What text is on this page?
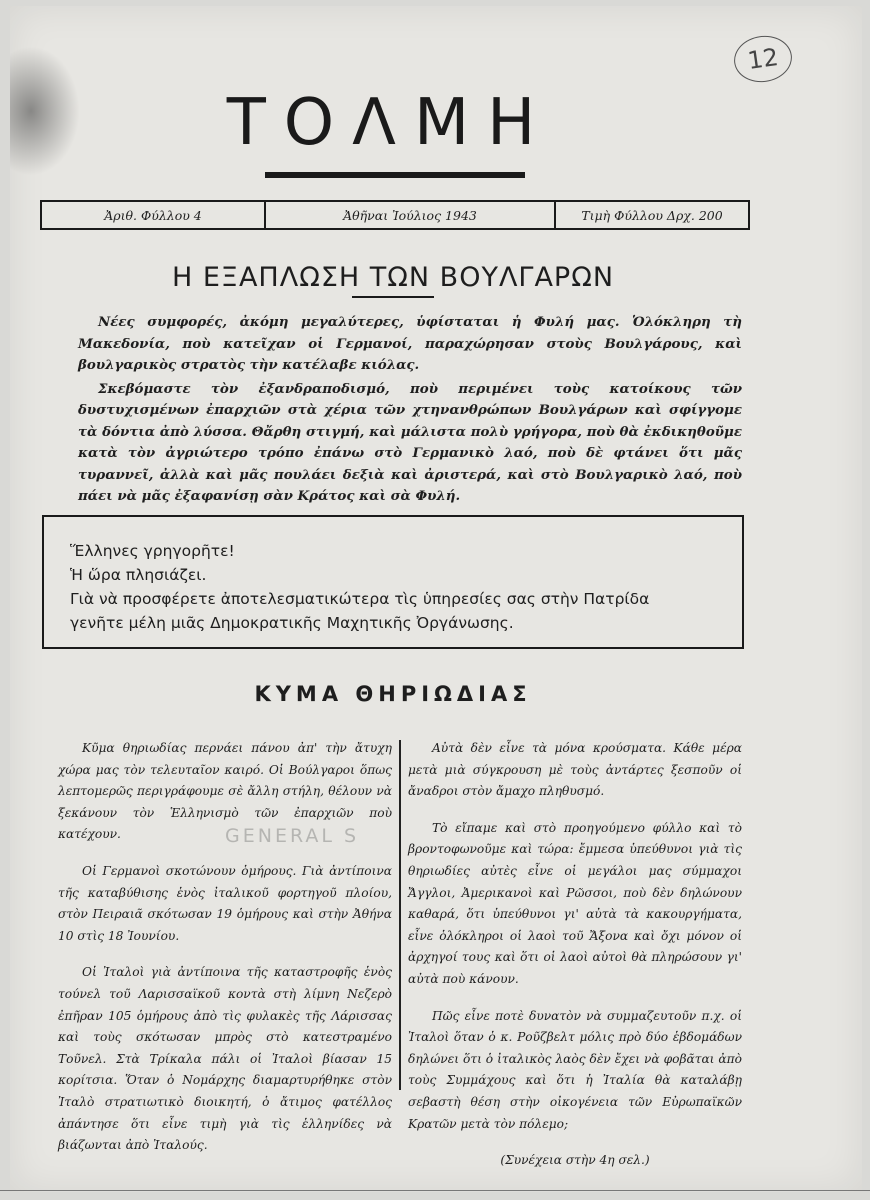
12
ΤΟΛΜΗ
Ἀριθ. Φύλλου 4	Ἀθῆναι Ἰούλιος 1943	Τιμὴ Φύλλου Δρχ. 200
Η ΕΞΑΠΛΩΣΗ ΤΩΝ ΒΟΥΛΓΑΡΩΝ

Νέες συμφορές, ἀκόμη μεγαλύτερες, ὑφίσταται ἡ Φυλή μας. Ὁλόκληρη τὴ Μακεδονία, ποὺ κατεῖχαν οἱ Γερμανοί, παραχώρησαν στοὺς Βουλγάρους, καὶ βουλγαρικὸς στρατὸς τὴν κατέλαβε κιόλας.

Σκεβόμαστε τὸν ἐξανδραποδισμό, ποὺ περιμένει τοὺς κατοίκους τῶν δυστυχισμένων ἐπαρχιῶν στὰ χέρια τῶν χτηνανθρώπων Βουλγάρων καὶ σφίγγομε τὰ δόντια ἀπὸ λύσσα. Θἄρθη στιγμή, καὶ μάλιστα πολὺ γρήγορα, ποὺ θὰ ἐκδικηθοῦμε κατὰ τὸν ἀγριώτερο τρόπο ἐπάνω στὸ Γερμανικὸ λαό, ποὺ δὲ φτάνει ὅτι μᾶς τυραννεῖ, ἀλλὰ καὶ μᾶς πουλάει δεξιὰ καὶ ἀριστερά, καὶ στὸ Βουλγαρικὸ λαό, ποὺ πάει νὰ μᾶς ἐξαφανίσῃ σὰν Κράτος καὶ σὰ Φυλή.

Ἕλληνες γρηγορῆτε!
Ἡ ὥρα πλησιάζει.
Γιὰ νὰ προσφέρετε ἀποτελεσματικώτερα τὶς ὑπηρεσίες σας στὴν Πατρίδα
γενῆτε μέλη μιᾶς Δημοκρατικῆς Μαχητικῆς Ὀργάνωσης.
ΚΥΜΑ ΘΗΡΙΩΔΙΑΣ

Κῦμα θηριωδίας περνάει πάνου ἀπ' τὴν ἄτυχη χώρα μας τὸν τελευταῖον καιρό. Οἱ Βούλγαροι ὅπως λεπτομερῶς περιγράφουμε σὲ ἄλλη στήλη, θέλουν νὰ ξεκάνουν τὸν Ἑλληνισμὸ τῶν ἐπαρχιῶν ποὺ κατέχουν.

Οἱ Γερμανοὶ σκοτώνουν ὁμήρους. Γιὰ ἀντίποινα τῆς καταβύθισης ἑνὸς ἰταλικοῦ φορτηγοῦ πλοίου, στὸν Πειραιᾶ σκότωσαν 19 ὁμήρους καὶ στὴν Ἀθήνα 10 στὶς 18 Ἰουνίου.

Οἱ Ἰταλοὶ γιὰ ἀντίποινα τῆς καταστροφῆς ἑνὸς τούνελ τοῦ Λαρισσαϊκοῦ κοντὰ στὴ λίμνη Νεζερὸ ἐπῆραν 105 ὁμήρους ἀπὸ τὶς φυλακὲς τῆς Λάρισσας καὶ τοὺς σκότωσαν μπρὸς στὸ κατεστραμένο Τοῦνελ. Στὰ Τρίκαλα πάλι οἱ Ἰταλοὶ βίασαν 15 κορίτσια. Ὅταν ὁ Νομάρχης διαμαρτυρήθηκε στὸν Ἰταλὸ στρατιωτικὸ διοικητή, ὁ ἄτιμος φατέλλος ἀπάντησε ὅτι εἶνε τιμὴ γιὰ τὶς ἑλληνίδες νὰ βιάζωνται ἀπὸ Ἰταλούς.

Αὐτὰ δὲν εἶνε τὰ μόνα κρούσματα. Κάθε μέρα μετὰ μιὰ σύγκρουση μὲ τοὺς ἀντάρτες ξεσποῦν οἱ ἄναδροι στὸν ἄμαχο πληθυσμό.

Τὸ εἴπαμε καὶ στὸ προηγούμενο φύλλο καὶ τὸ βροντοφωνοῦμε καὶ τώρα: ἔμμεσα ὑπεύθυνοι γιὰ τὶς θηριωδίες αὐτὲς εἶνε οἱ μεγάλοι μας σύμμαχοι Ἄγγλοι, Ἀμερικανοὶ καὶ Ρῶσσοι, ποὺ δὲν δηλώνουν καθαρά, ὅτι ὑπεύθυνοι γι' αὐτὰ τὰ κακουργήματα, εἶνε ὁλόκληροι οἱ λαοὶ τοῦ Ἄξονα καὶ ὄχι μόνον οἱ ἀρχηγοί τους καὶ ὅτι οἱ λαοὶ αὐτοὶ θὰ πληρώσουν γι' αὐτὰ ποὺ κάνουν.

Πῶς εἶνε ποτὲ δυνατὸν νὰ συμμαζευτοῦν π.χ. οἱ Ἰταλοὶ ὅταν ὁ κ. Ροῦζβελτ μόλις πρὸ δύο ἑβδομάδων δηλώνει ὅτι ὁ ἰταλικὸς λαὸς δὲν ἔχει νὰ φοβᾶται ἀπὸ τοὺς Συμμάχους καὶ ὅτι ἡ Ἰταλία θὰ καταλάβῃ σεβαστὴ θέση στὴν οἰκογένεια τῶν Εὐρωπαϊκῶν Κρατῶν μετὰ τὸν πόλεμο;

(Συνέχεια στὴν 4η σελ.)

GENERAL S
